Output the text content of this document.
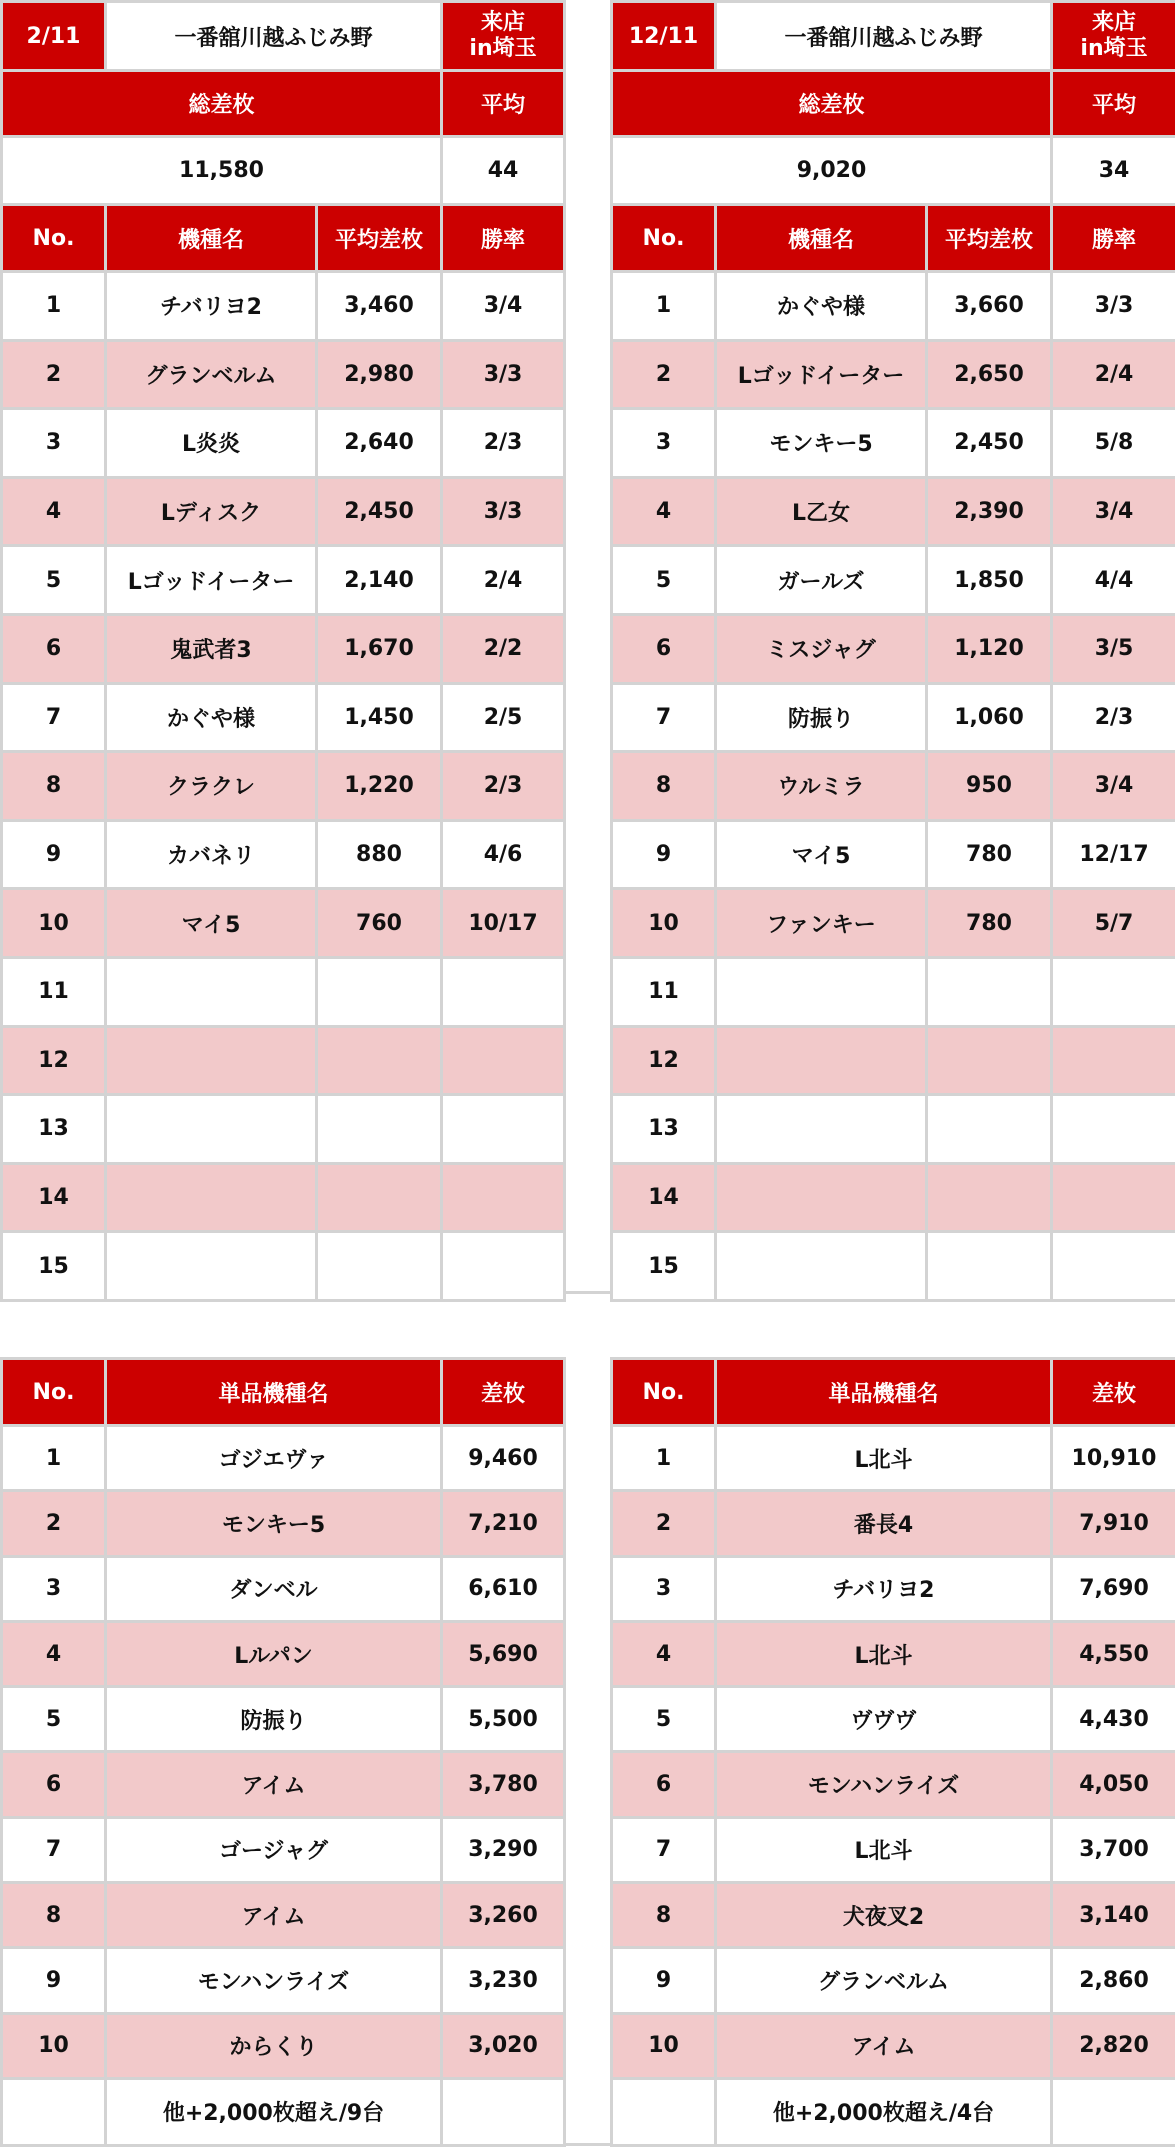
2/11	一番舘川越ふじみ野		来店
in埼玉

総差枚			平均
11,580			44
No.	機種名	平均差枚	勝率
1	チバリヨ2	3,460	3/4
2	グランベルム	2,980	3/3
3	L炎炎	2,640	2/3
4	Lディスク	2,450	3/3
5	Lゴッドイーター	2,140	2/4
6	鬼武者3	1,670	2/2
7	かぐや様	1,450	2/5
8	クラクレ	1,220	2/3
9	カバネリ	880	4/6
10	マイ5	760	10/17
11			
12			
13			
14			
15			
12/11	一番舘川越ふじみ野		来店
in埼玉

総差枚			平均
9,020			34
No.	機種名	平均差枚	勝率
1	かぐや様	3,660	3/3
2	Lゴッドイーター	2,650	2/4
3	モンキー5	2,450	5/8
4	L乙女	2,390	3/4
5	ガールズ	1,850	4/4
6	ミスジャグ	1,120	3/5
7	防振り	1,060	2/3
8	ウルミラ	950	3/4
9	マイ5	780	12/17
10	ファンキー	780	5/7
11			
12			
13			
14			
15			
No.	単品機種名	差枚
1	ゴジエヴァ	9,460
2	モンキー5	7,210
3	ダンベル	6,610
4	Lルパン	5,690
5	防振り	5,500
6	アイム	3,780
7	ゴージャグ	3,290
8	アイム	3,260
9	モンハンライズ	3,230
10	からくり	3,020
	他+2,000枚超え/9台	
No.	単品機種名	差枚
1	L北斗	10,910
2	番長4	7,910
3	チバリヨ2	7,690
4	L北斗	4,550
5	ヴヴヴ	4,430
6	モンハンライズ	4,050
7	L北斗	3,700
8	犬夜叉2	3,140
9	グランベルム	2,860
10	アイム	2,820
	他+2,000枚超え/4台	
